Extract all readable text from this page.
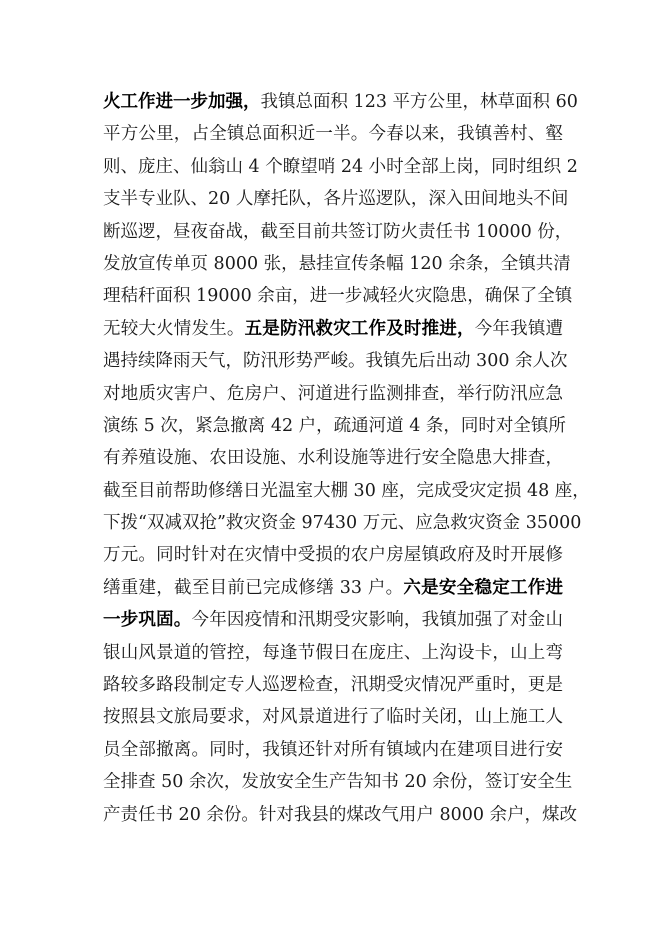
火工作进一步加强，我镇总面积 123 平方公里，林草面积 60
平方公里，占全镇总面积近一半。今春以来，我镇善村、壑
则、庞庄、仙翁山 4 个瞭望哨 24 小时全部上岗，同时组织 2
支半专业队、20 人摩托队，各片巡逻队，深入田间地头不间
断巡逻，昼夜奋战，截至目前共签订防火责任书 10000 份，
发放宣传单页 8000 张，悬挂宣传条幅 120 余条，全镇共清
理秸秆面积 19000 余亩，进一步减轻火灾隐患，确保了全镇
无较大火情发生。五是防汛救灾工作及时推进，今年我镇遭
遇持续降雨天气，防汛形势严峻。我镇先后出动 300 余人次
对地质灾害户、危房户、河道进行监测排查，举行防汛应急
演练 5 次，紧急撤离 42 户，疏通河道 4 条，同时对全镇所
有养殖设施、农田设施、水利设施等进行安全隐患大排查，
截至目前帮助修缮日光温室大棚 30 座，完成受灾定损 48 座，
下拨“双减双抢”救灾资金 97430 万元、应急救灾资金 35000
万元。同时针对在灾情中受损的农户房屋镇政府及时开展修
缮重建，截至目前已完成修缮 33 户。六是安全稳定工作进
一步巩固。今年因疫情和汛期受灾影响，我镇加强了对金山
银山风景道的管控，每逢节假日在庞庄、上沟设卡，山上弯
路较多路段制定专人巡逻检查，汛期受灾情况严重时，更是
按照县文旅局要求，对风景道进行了临时关闭，山上施工人
员全部撤离。同时，我镇还针对所有镇域内在建项目进行安
全排查 50 余次，发放安全生产告知书 20 余份，签订安全生
产责任书 20 余份。针对我县的煤改气用户 8000 余户，煤改
